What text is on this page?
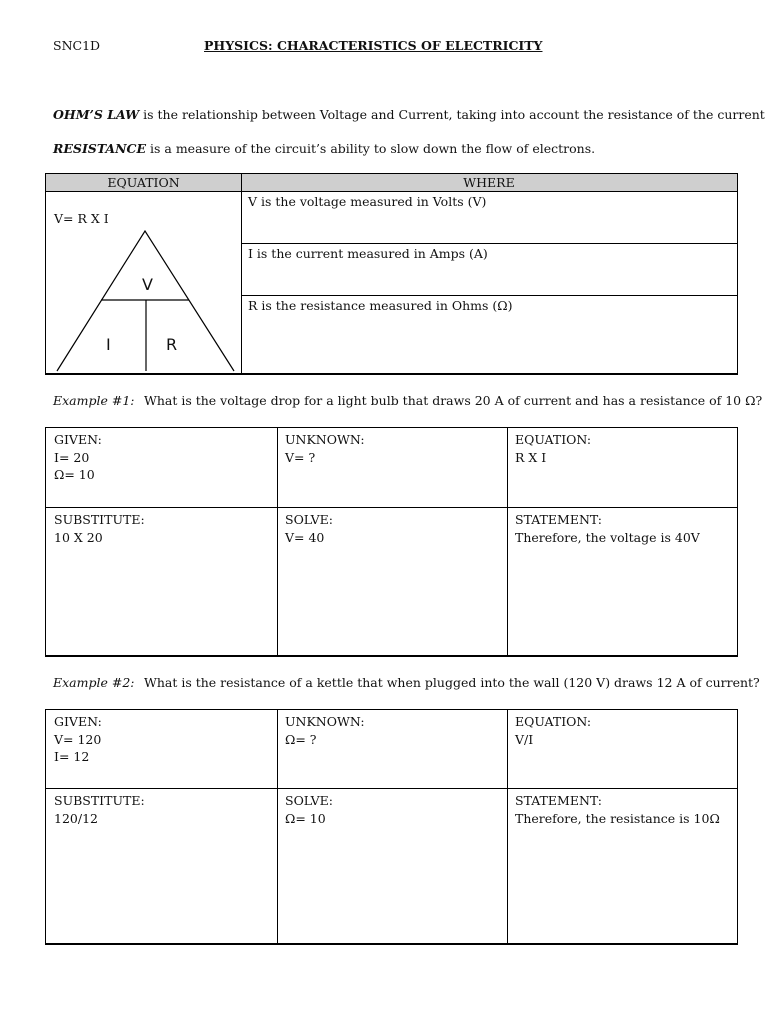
SNC1D	PHYSICS: CHARACTERISTICS OF ELECTRICITY
OHM’S LAW is the relationship between Voltage and Current, taking into account the resistance of the current
RESISTANCE is a measure of the circuit’s ability to slow down the flow of electrons.
EQUATION	WHERE
V= R X I
V
I	R
V is the voltage measured in Volts (V)
I is the current measured in Amps (A)
R is the resistance measured in Ohms (Ω)
Example #1: What is the voltage drop for a light bulb that draws 20 A of current and has a resistance of 10 Ω?
GIVEN:
I= 20
Ω= 10
UNKNOWN:
V= ?
EQUATION:
R X I
SUBSTITUTE:
10 X 20
SOLVE:
V= 40
STATEMENT:
Therefore, the voltage is 40V
Example #2: What is the resistance of a kettle that when plugged into the wall (120 V) draws 12 A of current?
GIVEN:
V= 120
I= 12
UNKNOWN:
Ω= ?
EQUATION:
V/I
SUBSTITUTE:
120/12
SOLVE:
Ω= 10
STATEMENT:
Therefore, the resistance is 10Ω
